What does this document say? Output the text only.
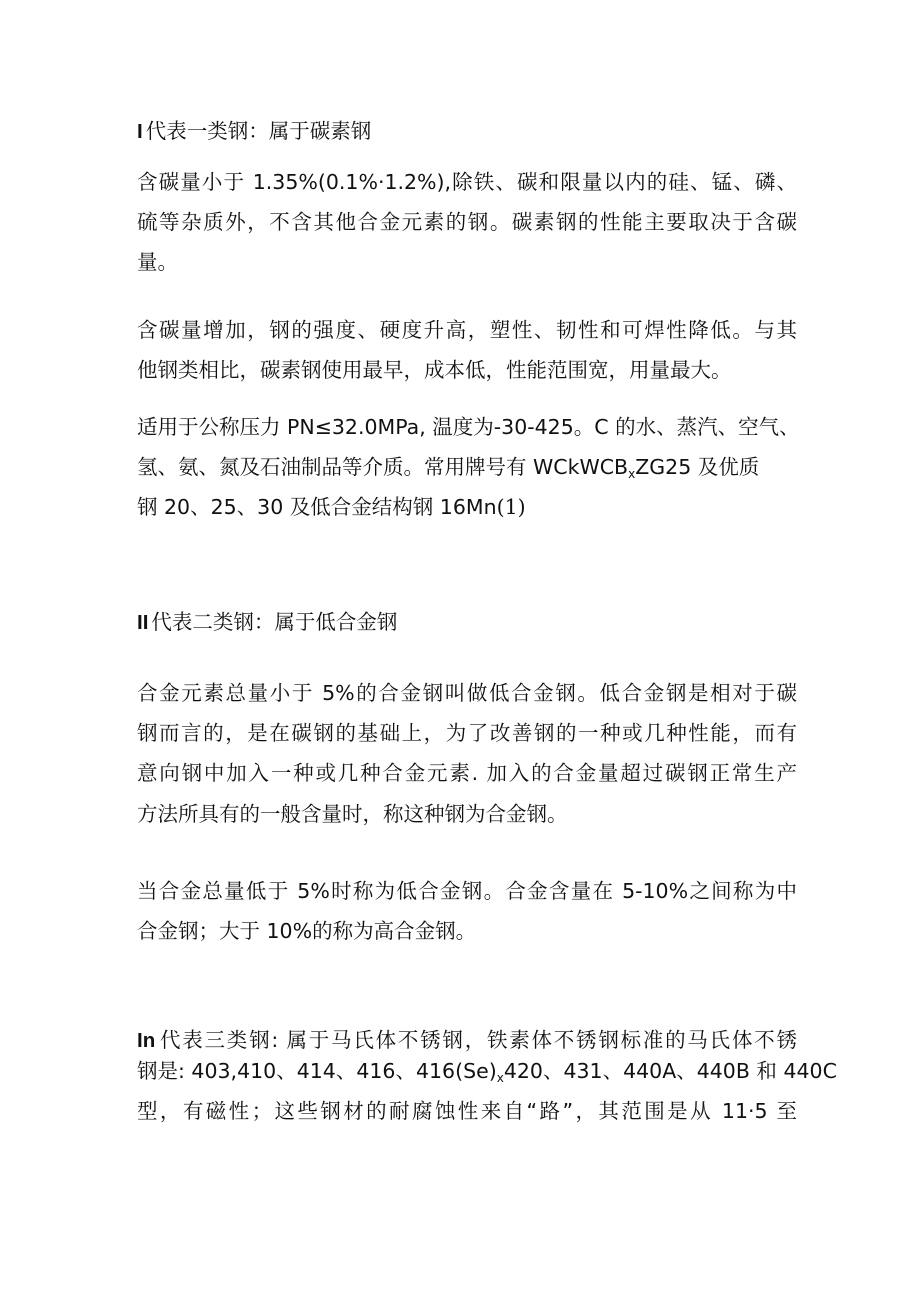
I 代表一类钢：属于碳素钢
含碳量小于 1.35%(0.1%·1.2%),除铁、碳和限量以内的硅、锰、磷、
硫等杂质外，不含其他合金元素的钢。碳素钢的性能主要取决于含碳
量。
含碳量增加，钢的强度、硬度升高，塑性、韧性和可焊性降低。与其
他钢类相比，碳素钢使用最早，成本低，性能范围宽，用量最大。
适用于公称压力 PN≤32.0MPa, 温度为-30-425。C 的水、蒸汽、空气、
氢、氨、氮及石油制品等介质。常用牌号有 WCkWCB$_x$ZG25 及优质
钢 20、25、30 及低合金结构钢 16Mn(1)
II 代表二类钢：属于低合金钢
合金元素总量小于 5%的合金钢叫做低合金钢。低合金钢是相对于碳
钢而言的，是在碳钢的基础上，为了改善钢的一种或几种性能，而有
意向钢中加入一种或几种合金元素. 加入的合金量超过碳钢正常生产
方法所具有的一般含量时，称这种钢为合金钢。
当合金总量低于 5%时称为低合金钢。合金含量在 5-10%之间称为中
合金钢；大于 10%的称为高合金钢。
In 代表三类钢: 属于马氏体不锈钢，铁素体不锈钢标准的马氏体不锈
钢是: 403,410、414、416、$416(Se)_x420$、431、440A、440B 和 440C
型，有磁性；这些钢材的耐腐蚀性来自“路”，其范围是从 11·5 至
